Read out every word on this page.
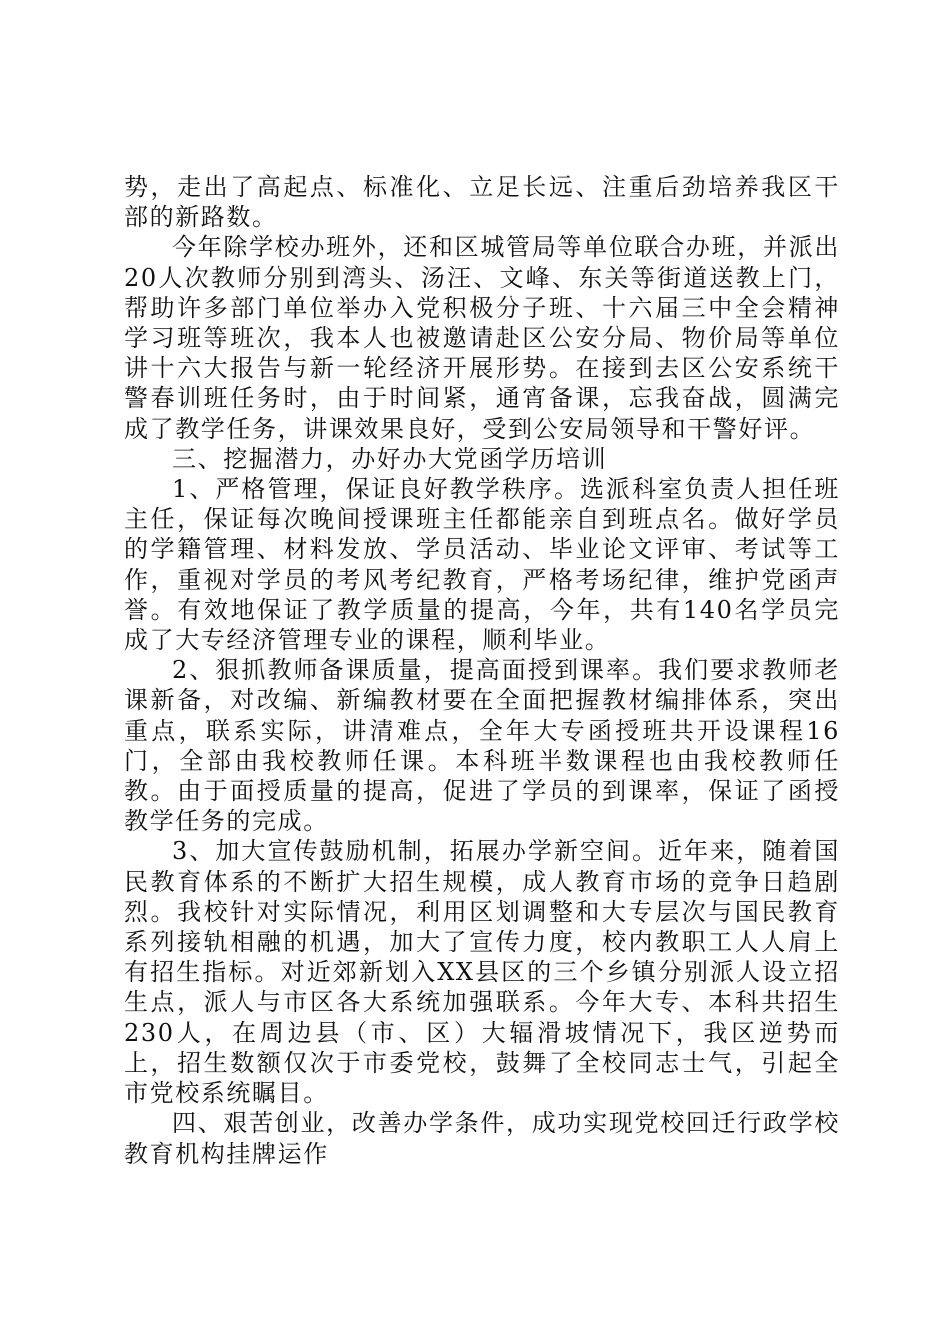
势，走出了高起点、标准化、立足长远、注重后劲培养我区干部的新路数。

今年除学校办班外，还和区城管局等单位联合办班，并派出20人次教师分别到湾头、汤汪、文峰、东关等街道送教上门，帮助许多部门单位举办入党积极分子班、十六届三中全会精神学习班等班次，我本人也被邀请赴区公安分局、物价局等单位讲十六大报告与新一轮经济开展形势。在接到去区公安系统干警春训班任务时，由于时间紧，通宵备课，忘我奋战，圆满完成了教学任务，讲课效果良好，受到公安局领导和干警好评。

三、挖掘潜力，办好办大党函学历培训

1、严格管理，保证良好教学秩序。选派科室负责人担任班主任，保证每次晚间授课班主任都能亲自到班点名。做好学员的学籍管理、材料发放、学员活动、毕业论文评审、考试等工作，重视对学员的考风考纪教育，严格考场纪律，维护党函声誉。有效地保证了教学质量的提高，今年，共有140名学员完成了大专经济管理专业的课程，顺利毕业。

2、狠抓教师备课质量，提高面授到课率。我们要求教师老课新备，对改编、新编教材要在全面把握教材编排体系，突出重点，联系实际，讲清难点，全年大专函授班共开设课程16门，全部由我校教师任课。本科班半数课程也由我校教师任教。由于面授质量的提高，促进了学员的到课率，保证了函授教学任务的完成。

3、加大宣传鼓励机制，拓展办学新空间。近年来，随着国民教育体系的不断扩大招生规模，成人教育市场的竞争日趋剧烈。我校针对实际情况，利用区划调整和大专层次与国民教育系列接轨相融的机遇，加大了宣传力度，校内教职工人人肩上有招生指标。对近郊新划入XX县区的三个乡镇分别派人设立招生点，派人与市区各大系统加强联系。今年大专、本科共招生230人，在周边县（市、区）大辐滑坡情况下，我区逆势而上，招生数额仅次于市委党校，鼓舞了全校同志士气，引起全市党校系统瞩目。

四、艰苦创业，改善办学条件，成功实现党校回迁行政学校教育机构挂牌运作
